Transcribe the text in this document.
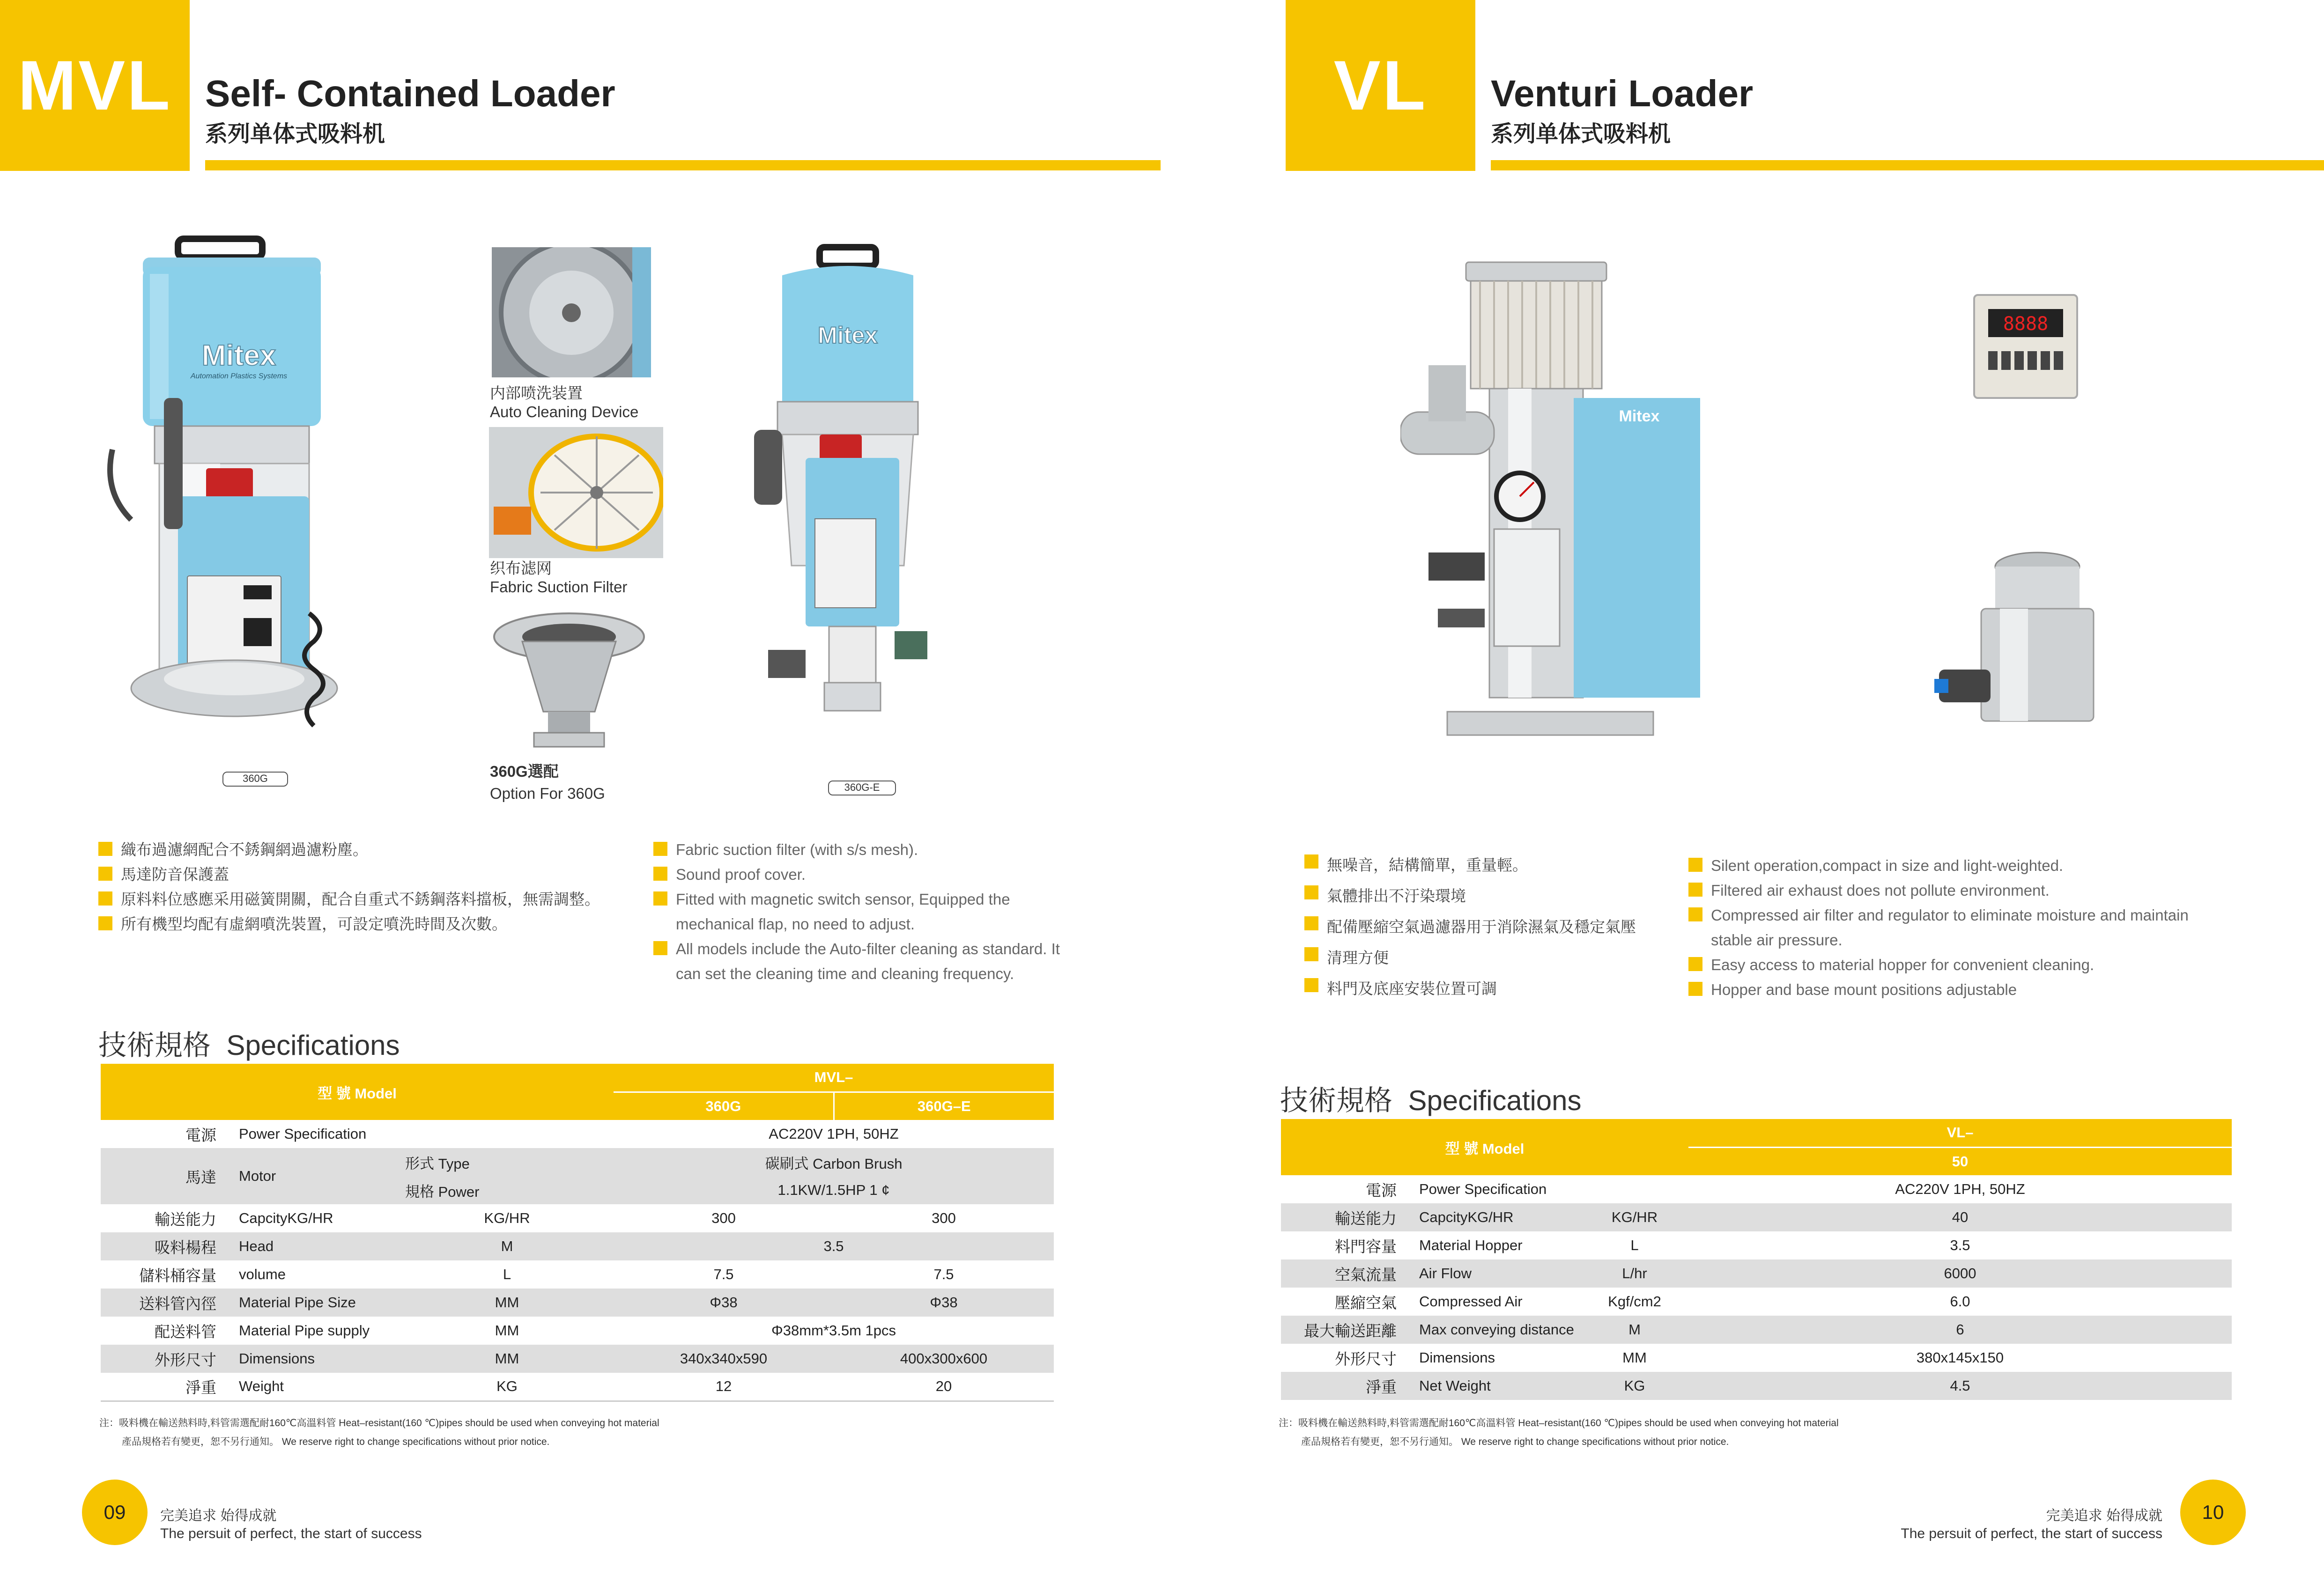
MVL Self- Contained Loader
系列单体式吸料机
Mitex
Automation Plastics Systems
360G
内部喷洗装置
Auto Cleaning Device
织布滤网
Fabric Suction Filter
360G選配
Option For 360G
Mitex
360G-E
織布過濾網配合不銹鋼網過濾粉塵。
馬達防音保護蓋
原料料位感應采用磁簧開關，配合自重式不銹鋼落料擋板，無需調整。
所有機型均配有虛網噴洗裝置，可設定噴洗時間及次數。
Fabric suction filter (with s/s mesh).
Sound proof cover.
Fitted with magnetic switch sensor, Equipped the mechanical flap, no need to adjust.
All models include the Auto-filter cleaning as standard. It can set the cleaning time and cleaning frequency.
技術規格 Specifications
型 號 Model			MVL–	
			360G	360G–E
電源	Power Specification		AC220V 1PH, 50HZ	
馬達	Motor	形式 Type	碳刷式 Carbon Brush	
		規格 Power	1.1KW/1.5HP 1 ¢	
輸送能力	CapcityKG/HR	KG/HR	300	300
吸料楊程	Head	M	3.5	
儲料桶容量	volume	L	7.5	7.5
送料管內徑	Material Pipe Size	MM	Φ38	Φ38
配送料管	Material Pipe supply	MM	Φ38mm*3.5m 1pcs	
外形尺寸	Dimensions	MM	340x340x590	400x300x600
淨重	Weight	KG	12	20
注：吸料機在輸送熱料時,料管需選配耐160℃高溫料管 Heat–resistant(160 ℃)pipes should be used when conveying hot material
產品規格若有變更，恕不另行通知。 We reserve right to change specifications without prior notice.
09	完美追求 始得成就
The persuit of perfect, the start of success
VL	Venturi Loader
系列单体式吸料机
Mitex
8888
無噪音，結構簡單，重量輕。
氣體排出不汙染環境
配備壓縮空氣過濾器用于消除濕氣及穩定氣壓
清理方便
料門及底座安裝位置可調
Silent operation,compact in size and light-weighted.
Filtered air exhaust does not pollute environment.
Compressed air filter and regulator to eliminate moisture and maintain stable air pressure.
Easy access to material hopper for convenient cleaning.
Hopper and base mount positions adjustable
技術規格 Specifications
型 號 Model			VL–
			50
電源	Power Specification		AC220V 1PH, 50HZ
輸送能力	CapcityKG/HR	KG/HR	40
料門容量	Material Hopper	L	3.5
空氣流量	Air Flow	L/hr	6000
壓縮空氣	Compressed Air	Kgf/cm2	6.0
最大輸送距離	Max conveying distance	M	6
外形尺寸	Dimensions	MM	380x145x150
淨重	Net Weight	KG	4.5
注：吸料機在輸送熱料時,料管需選配耐160℃高溫料管 Heat–resistant(160 ℃)pipes should be used when conveying hot material
產品規格若有變更，恕不另行通知。 We reserve right to change specifications without prior notice.
10
完美追求 始得成就
The persuit of perfect, the start of success
